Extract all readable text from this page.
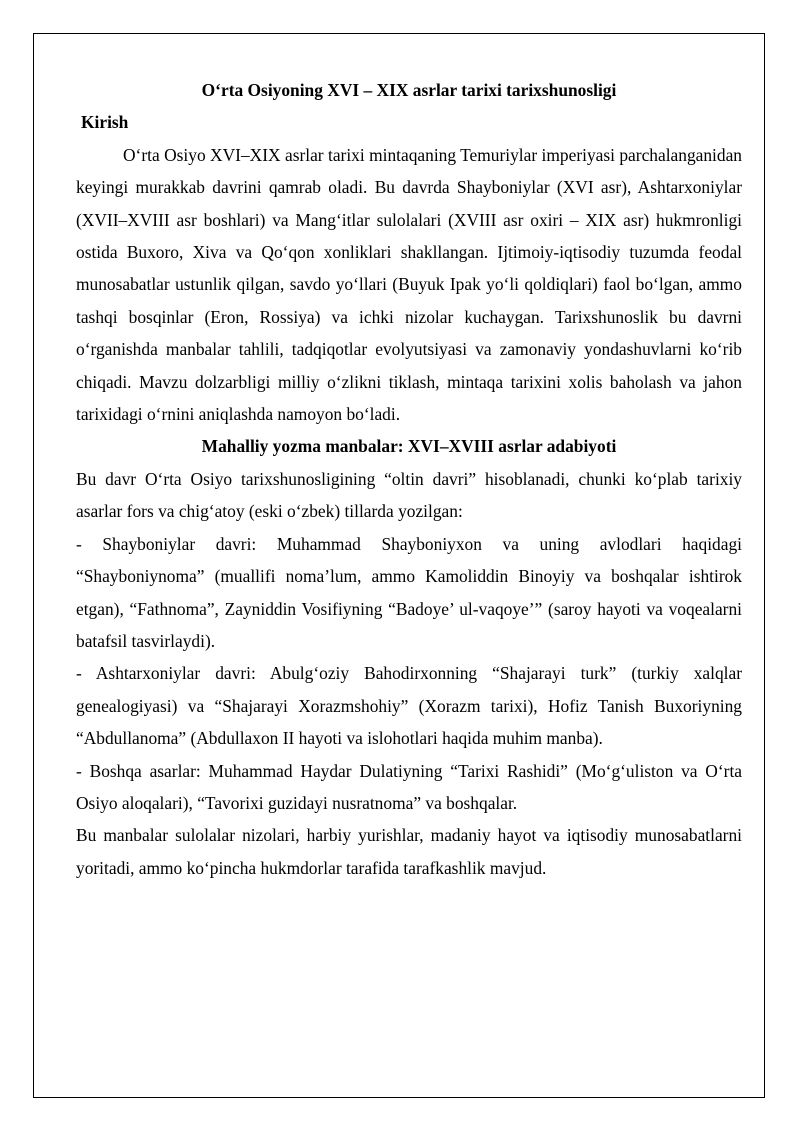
O‘rta Osiyoning XVI – XIX asrlar tarixi tarixshunosligi

Kirish

O‘rta Osiyo XVI–XIX asrlar tarixi mintaqaning Temuriylar imperiyasi parchalanganidan keyingi murakkab davrini qamrab oladi. Bu davrda Shayboniylar (XVI asr), Ashtarxoniylar (XVII–XVIII asr boshlari) va Mang‘itlar sulolalari (XVIII asr oxiri – XIX asr) hukmronligi ostida Buxoro, Xiva va Qo‘qon xonliklari shakllangan. Ijtimoiy-iqtisodiy tuzumda feodal munosabatlar ustunlik qilgan, savdo yo‘llari (Buyuk Ipak yo‘li qoldiqlari) faol bo‘lgan, ammo tashqi bosqinlar (Eron, Rossiya) va ichki nizolar kuchaygan. Tarixshunoslik bu davrni o‘rganishda manbalar tahlili, tadqiqotlar evolyutsiyasi va zamonaviy yondashuvlarni ko‘rib chiqadi. Mavzu dolzarbligi milliy o‘zlikni tiklash, mintaqa tarixini xolis baholash va jahon tarixidagi o‘rnini aniqlashda namoyon bo‘ladi.

Mahalliy yozma manbalar: XVI–XVIII asrlar adabiyoti

Bu davr O‘rta Osiyo tarixshunosligining “oltin davri” hisoblanadi, chunki ko‘plab tarixiy asarlar fors va chig‘atoy (eski o‘zbek) tillarda yozilgan:

- Shayboniylar davri: Muhammad Shayboniyxon va uning avlodlari haqidagi “Shayboniynoma” (muallifi noma’lum, ammo Kamoliddin Binoyiy va boshqalar ishtirok etgan), “Fathnoma”, Zayniddin Vosifiyning “Badoye’ ul-vaqoye’” (saroy hayoti va voqealarni batafsil tasvirlaydi).

- Ashtarxoniylar davri: Abulg‘oziy Bahodirxonning “Shajarayi turk” (turkiy xalqlar genealogiyasi) va “Shajarayi Xorazmshohiy” (Xorazm tarixi), Hofiz Tanish Buxoriyning “Abdullanoma” (Abdullaxon II hayoti va islohotlari haqida muhim manba).

- Boshqa asarlar: Muhammad Haydar Dulatiyning “Tarixi Rashidi” (Mo‘g‘uliston va O‘rta Osiyo aloqalari), “Tavorixi guzidayi nusratnoma” va boshqalar.

Bu manbalar sulolalar nizolari, harbiy yurishlar, madaniy hayot va iqtisodiy munosabatlarni yoritadi, ammo ko‘pincha hukmdorlar tarafida tarafkashlik mavjud.
